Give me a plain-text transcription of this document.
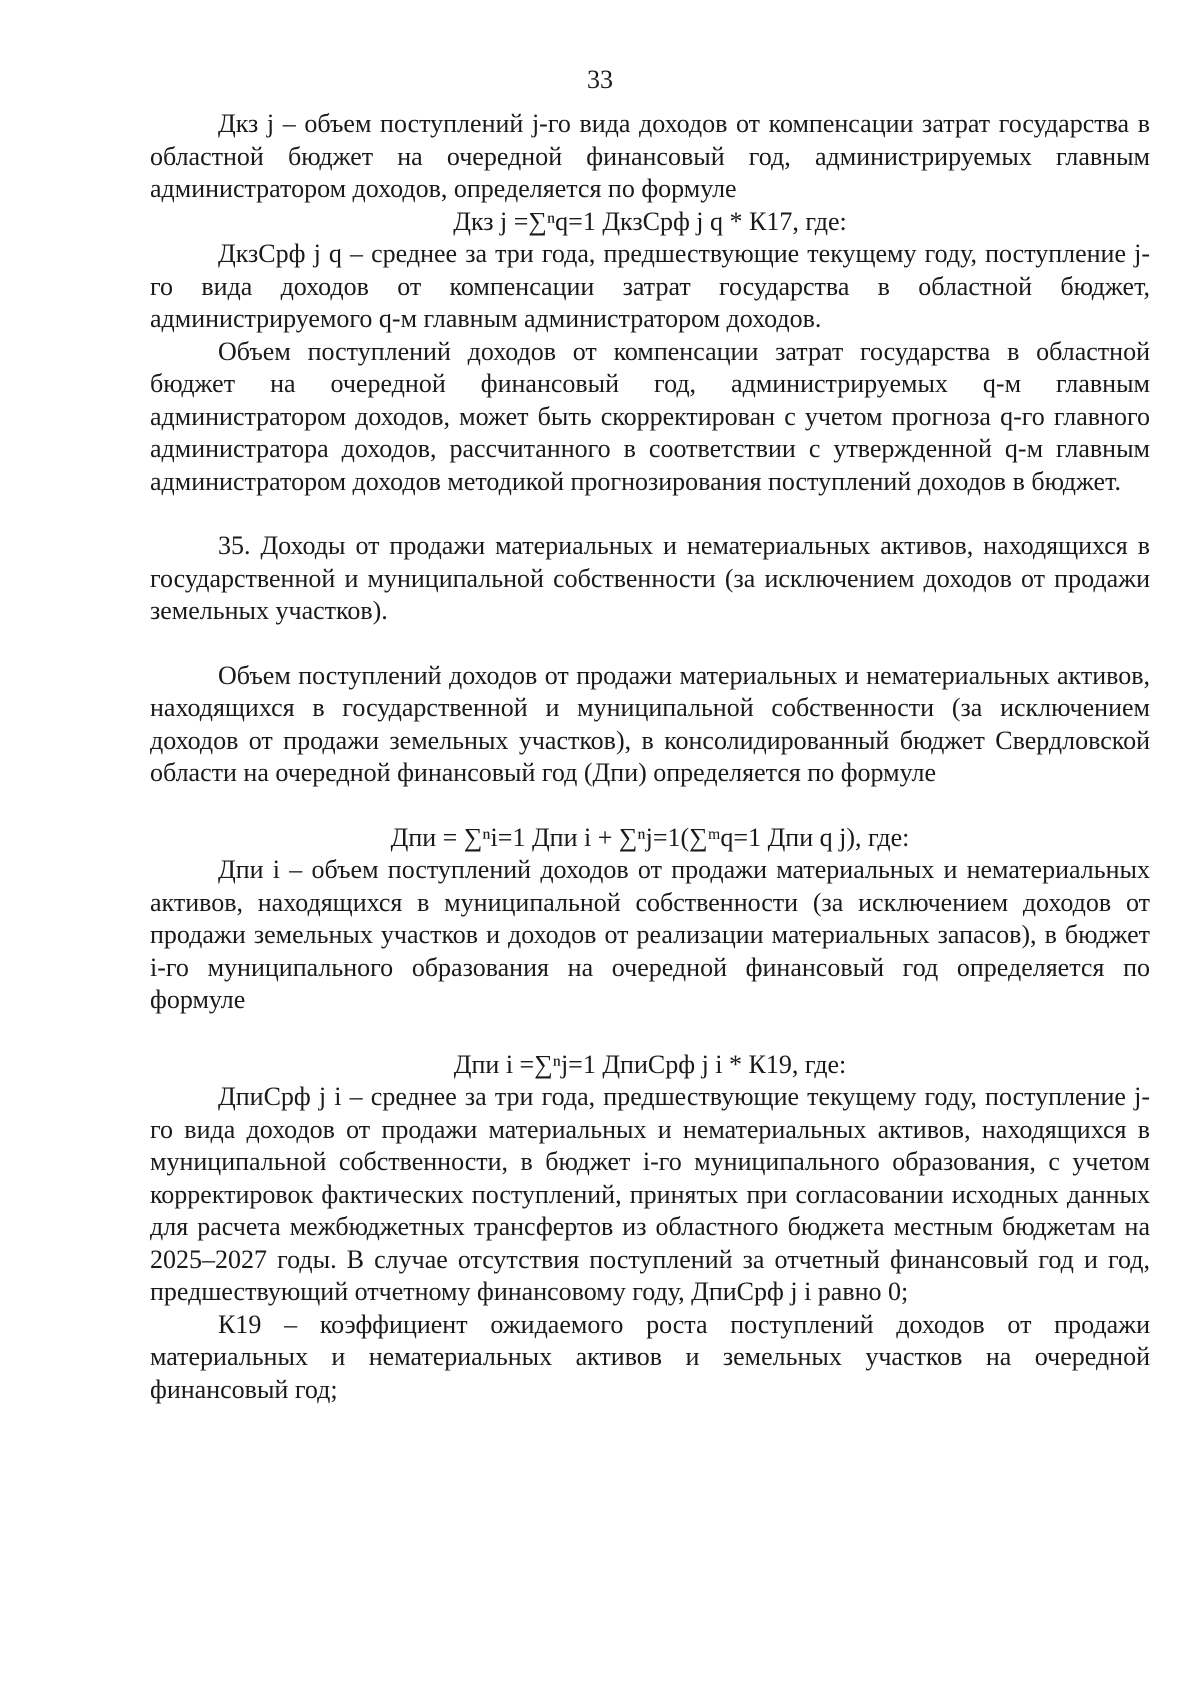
33

Дкз j – объем поступлений j-го вида доходов от компенсации затрат государства в областной бюджет на очередной финансовый год, администрируемых главным администратором доходов, определяется по формуле

Дкз j =∑ⁿq=1 ДкзСрф j q * К17, где:

ДкзСрф j q – среднее за три года, предшествующие текущему году, поступление j-го вида доходов от компенсации затрат государства в областной бюджет, администрируемого q-м главным администратором доходов.

Объем поступлений доходов от компенсации затрат государства в областной бюджет на очередной финансовый год, администрируемых q-м главным администратором доходов, может быть скорректирован с учетом прогноза q-го главного администратора доходов, рассчитанного в соответствии с утвержденной q-м главным администратором доходов методикой прогнозирования поступлений доходов в бюджет.

35. Доходы от продажи материальных и нематериальных активов, находящихся в государственной и муниципальной собственности (за исключением доходов от продажи земельных участков).

Объем поступлений доходов от продажи материальных и нематериальных активов, находящихся в государственной и муниципальной собственности (за исключением доходов от продажи земельных участков), в консолидированный бюджет Свердловской области на очередной финансовый год (Дпи) определяется по формуле

Дпи = ∑ⁿi=1 Дпи i + ∑ⁿj=1(∑ᵐq=1 Дпи q j), где:

Дпи i – объем поступлений доходов от продажи материальных и нематериальных активов, находящихся в муниципальной собственности (за исключением доходов от продажи земельных участков и доходов от реализации материальных запасов), в бюджет i-го муниципального образования на очередной финансовый год определяется по формуле

Дпи i =∑ⁿj=1 ДпиСрф j i * К19, где:

ДпиСрф j i – среднее за три года, предшествующие текущему году, поступление j-го вида доходов от продажи материальных и нематериальных активов, находящихся в муниципальной собственности, в бюджет i-го муниципального образования, с учетом корректировок фактических поступлений, принятых при согласовании исходных данных для расчета межбюджетных трансфертов из областного бюджета местным бюджетам на 2025–2027 годы. В случае отсутствия поступлений за отчетный финансовый год и год, предшествующий отчетному финансовому году, ДпиСрф j i равно 0;

К19 – коэффициент ожидаемого роста поступлений доходов от продажи материальных и нематериальных активов и земельных участков на очередной финансовый год;
